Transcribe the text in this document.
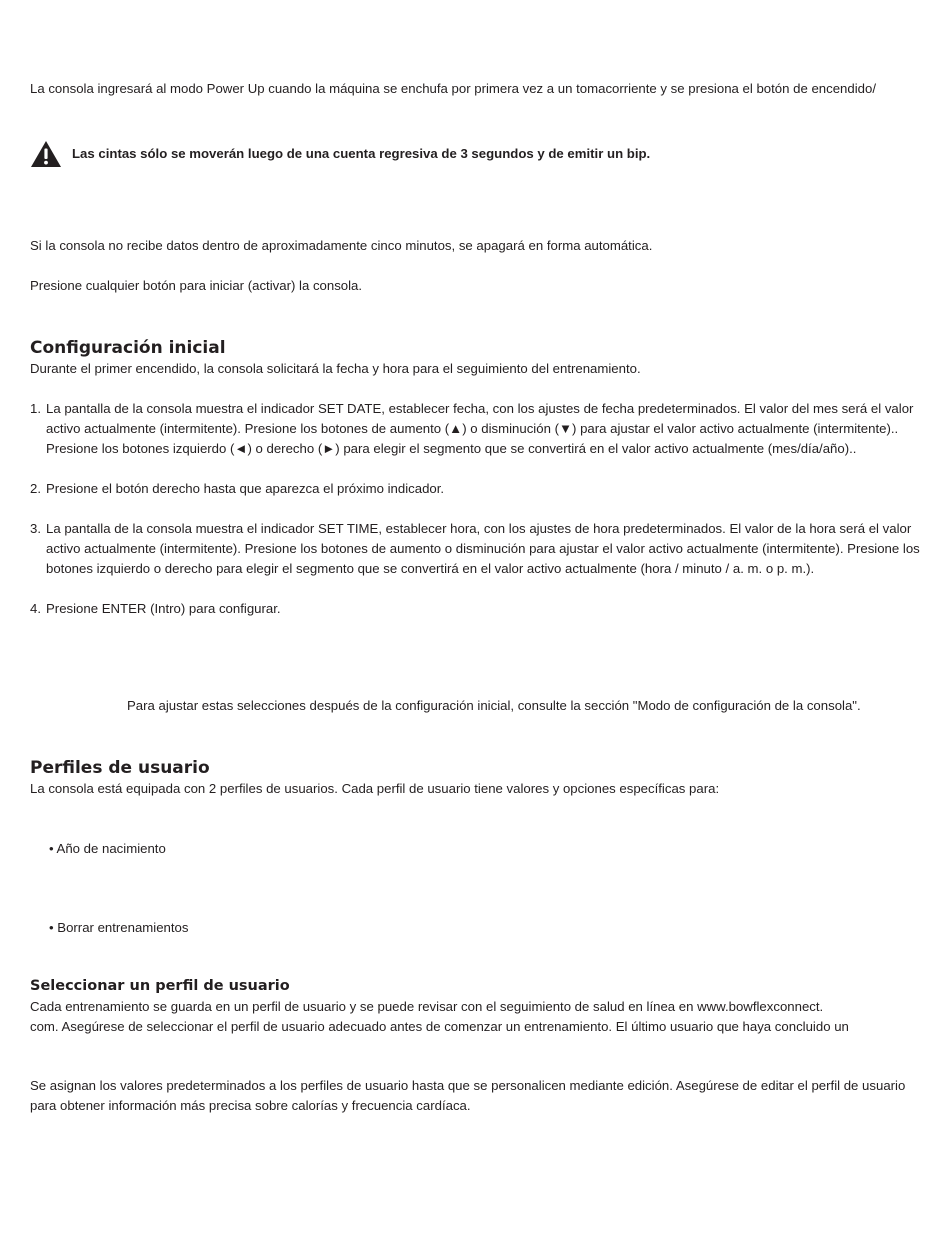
La consola ingresará al modo Power Up cuando la máquina se enchufa por primera vez a un tomacorriente y se presiona el botón de encendido/

Las cintas sólo se moverán luego de una cuenta regresiva de 3 segundos y de emitir un bip.

Si la consola no recibe datos dentro de aproximadamente cinco minutos, se apagará en forma automática.

Presione cualquier botón para iniciar (activar) la consola.

Configuración inicial

Durante el primer encendido, la consola solicitará la fecha y hora para el seguimiento del entrenamiento.

1. La pantalla de la consola muestra el indicador SET DATE, establecer fecha, con los ajustes de fecha predeterminados. El valor del mes será el valor activo actualmente (intermitente). Presione los botones de aumento (▲) o disminución (▼) para ajustar el valor activo actualmente (intermitente).. Presione los botones izquierdo (◄) o derecho (►) para elegir el segmento que se convertirá en el valor activo actualmente (mes/día/año)..
2. Presione el botón derecho hasta que aparezca el próximo indicador.
3. La pantalla de la consola muestra el indicador SET TIME, establecer hora, con los ajustes de hora predeterminados. El valor de la hora será el valor activo actualmente (intermitente). Presione los botones de aumento o disminución para ajustar el valor activo actualmente (intermitente). Presione los botones izquierdo o derecho para elegir el segmento que se convertirá en el valor activo actualmente (hora / minuto / a. m. o p. m.).
4. Presione ENTER (Intro) para configurar.

Para ajustar estas selecciones después de la configuración inicial, consulte la sección "Modo de configuración de la consola".

Perfiles de usuario

La consola está equipada con 2 perfiles de usuarios. Cada perfil de usuario tiene valores y opciones específicas para:

• Año de nacimiento

• Borrar entrenamientos

Seleccionar un perfil de usuario

Cada entrenamiento se guarda en un perfil de usuario y se puede revisar con el seguimiento de salud en línea en www.bowflexconnect.

com. Asegúrese de seleccionar el perfil de usuario adecuado antes de comenzar un entrenamiento. El último usuario que haya concluido un

Se asignan los valores predeterminados a los perfiles de usuario hasta que se personalicen mediante edición. Asegúrese de editar el perfil de usuario para obtener información más precisa sobre calorías y frecuencia cardíaca.
